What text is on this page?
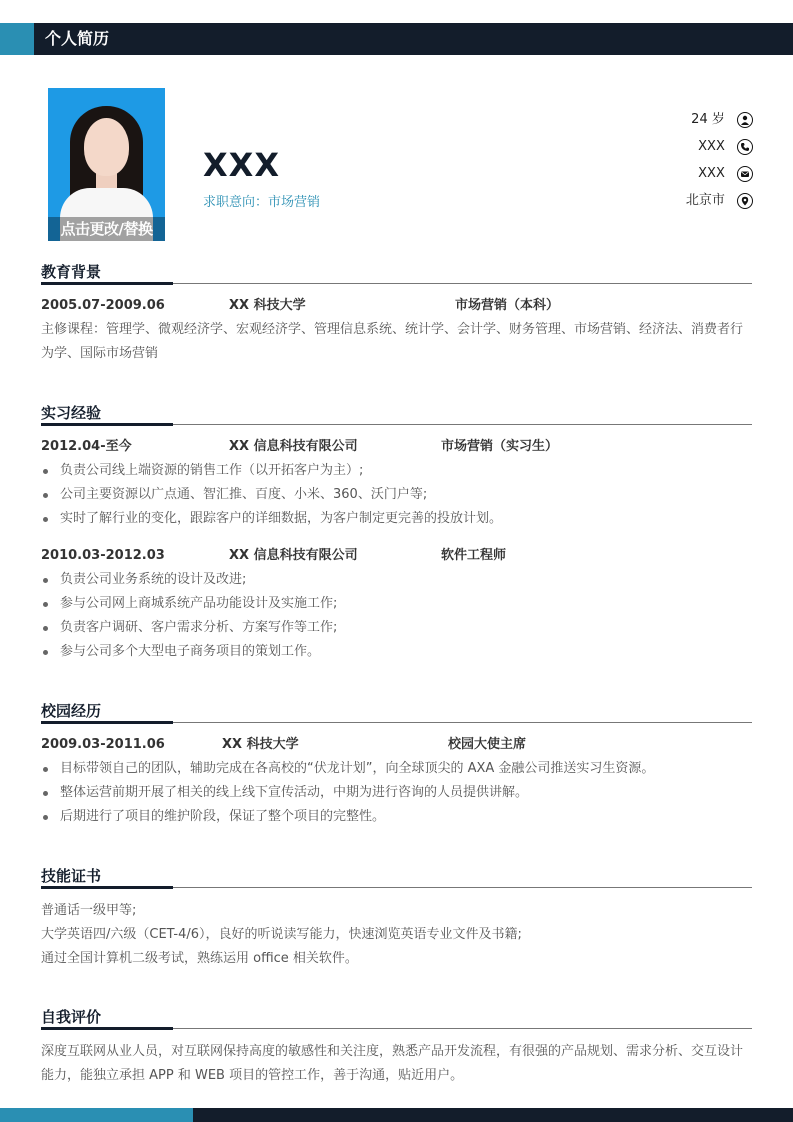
个人简历
点击更改/替换
XXX
求职意向：市场营销
24 岁
XXX
XXX
北京市
教育背景
2005.07-2009.06	XX 科技大学	市场营销（本科）
主修课程：管理学、微观经济学、宏观经济学、管理信息系统、统计学、会计学、财务管理、市场营销、经济法、消费者行为学、国际市场营销
实习经验
2012.04-至今	XX 信息科技有限公司	市场营销（实习生）
负责公司线上端资源的销售工作（以开拓客户为主）;
公司主要资源以广点通、智汇推、百度、小米、360、沃门户等;
实时了解行业的变化，跟踪客户的详细数据，为客户制定更完善的投放计划。
2010.03-2012.03	XX 信息科技有限公司	软件工程师
负责公司业务系统的设计及改进;
参与公司网上商城系统产品功能设计及实施工作;
负责客户调研、客户需求分析、方案写作等工作;
参与公司多个大型电子商务项目的策划工作。
校园经历
2009.03-2011.06	XX 科技大学	校园大使主席
目标带领自己的团队，辅助完成在各高校的“伏龙计划”，向全球顶尖的 AXA 金融公司推送实习生资源。
整体运营前期开展了相关的线上线下宣传活动，中期为进行咨询的人员提供讲解。
后期进行了项目的维护阶段，保证了整个项目的完整性。
技能证书
普通话一级甲等;
大学英语四/六级（CET-4/6），良好的听说读写能力，快速浏览英语专业文件及书籍;
通过全国计算机二级考试，熟练运用 office 相关软件。
自我评价
深度互联网从业人员，对互联网保持高度的敏感性和关注度，熟悉产品开发流程，有很强的产品规划、需求分析、交互设计能力，能独立承担 APP 和 WEB 项目的管控工作，善于沟通，贴近用户。
